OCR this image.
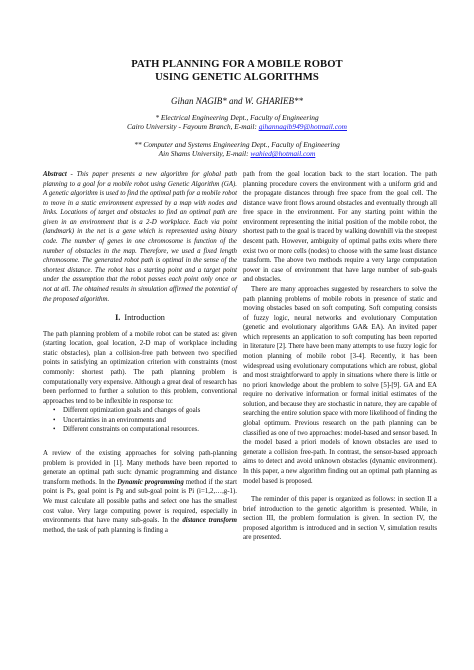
PATH PLANNING FOR A MOBILE ROBOT
USING GENETIC ALGORITHMS
Gihan NAGIB* and W. GHARIEB**
* Electrical Engineering Dept., Faculty of Engineering
Cairo University - Fayoum Branch, E-mail: gihannagib949@hotmail.com
** Computer and Systems Engineering Dept., Faculty of Engineering
Ain Shams University, E-mail: wahied@hotmail.com

Abstract - This paper presents a new algorithm for global path planning to a goal for a mobile robot using Genetic Algorithm (GA). A genetic algorithm is used to find the optimal path for a mobile robot to move in a static environment expressed by a map with nodes and links. Locations of target and obstacles to find an optimal path are given in an environment that is a 2-D workplace. Each via point (landmark) in the net is a gene which is represented using binary code. The number of genes in one chromosome is function of the number of obstacles in the map. Therefore, we used a fixed length chromosome. The generated robot path is optimal in the sense of the shortest distance. The robot has a starting point and a target point under the assumption that the robot passes each point only once or not at all. The obtained results in simulation affirmed the potential of the proposed algorithm.

I. Introduction

The path planning problem of a mobile robot can be stated as: given (starting location, goal location, 2-D map of workplace including static obstacles), plan a collision-free path between two specified points in satisfying an optimization criterion with constraints (most commonly: shortest path). The path planning problem is computationally very expensive. Although a great deal of research has been performed to further a solution to this problem, conventional approaches tend to be inflexible in response to:

• Different optimization goals and changes of goals
• Uncertainties in an environments and
• Different constraints on computational resources.

A review of the existing approaches for solving path-planning problem is provided in [1]. Many methods have been reported to generate an optimal path such: dynamic programming and distance transform methods. In the Dynamic programming method if the start point is Ps, goal point is Pg and sub-goal point is Pi (i=1,2,…,g-1). We must calculate all possible paths and select one has the smallest cost value. Very large computing power is required, especially in environments that have many sub-goals. In the distance transform method, the task of path planning is finding a

path from the goal location back to the start location. The path planning procedure covers the environment with a uniform grid and the propagate distances through free space from the goal cell. The distance wave front flows around obstacles and eventually through all free space in the environment. For any starting point within the environment representing the initial position of the mobile robot, the shortest path to the goal is traced by walking downhill via the steepest descent path. However, ambiguity of optimal paths exits where there exist two or more cells (nodes) to choose with the same least distance transform. The above two methods require a very large computation power in case of environment that have large number of sub-goals and obstacles.

There are many approaches suggested by researchers to solve the path planning problems of mobile robots in presence of static and moving obstacles based on soft computing. Soft computing consists of fuzzy logic, neural networks and evolutionary Computation (genetic and evolutionary algorithms GA& EA). An invited paper which represents an application to soft computing has been reported in literature [2]. There have been many attempts to use fuzzy logic for motion planning of mobile robot [3-4]. Recently, it has been widespread using evolutionary computations which are robust, global and most straightforward to apply in situations where there is little or no priori knowledge about the problem to solve [5]-[9]. GA and EA require no derivative information or formal initial estimates of the solution, and because they are stochastic in nature, they are capable of searching the entire solution space with more likelihood of finding the global optimum. Previous research on the path planning can be classified as one of two approaches: model-based and sensor based. In the model based a priori models of known obstacles are used to generate a collision free-path. In contrast, the sensor-based approach aims to detect and avoid unknown obstacles (dynamic environment). In this paper, a new algorithm finding out an optimal path planning as model based is proposed.

The reminder of this paper is organized as follows: in section II a brief introduction to the genetic algorithm is presented. While, in section III, the problem formulation is given. In section IV, the proposed algorithm is introduced and in section V, simulation results are presented.
